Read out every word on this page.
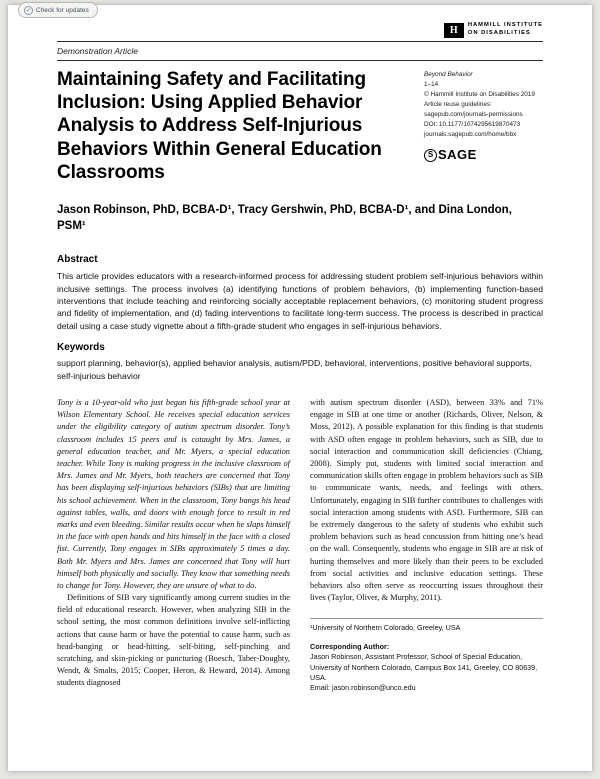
✓ Check for updates
H	HAMMILL INSTITUTE
ON DISABILITIES
Demonstration Article
Maintaining Safety and Facilitating Inclusion: Using Applied Behavior Analysis to Address Self-Injurious Behaviors Within General Education Classrooms
Beyond Behavior
1–14
© Hammill Institute on Disabilities 2019
Article reuse guidelines:
sagepub.com/journals-permissions
DOI: 10.1177/1074295619870473
journals.sagepub.com/home/bbx
S SAGE
Jason Robinson, PhD, BCBA-D¹, Tracy Gershwin, PhD, BCBA-D¹, and Dina London, PSM¹
Abstract

This article provides educators with a research-informed process for addressing student problem self-injurious behaviors within inclusive settings. The process involves (a) identifying functions of problem behaviors, (b) implementing function-based interventions that include teaching and reinforcing socially acceptable replacement behaviors, (c) monitoring student progress and fidelity of implementation, and (d) fading interventions to facilitate long-term success. The process is described in practical detail using a case study vignette about a fifth-grade student who engages in self-injurious behaviors.

Keywords

support planning, behavior(s), applied behavior analysis, autism/PDD, behavioral, interventions, positive behavioral supports, self-injurious behavior

Tony is a 10-year-old who just began his fifth-grade school year at Wilson Elementary School. He receives special education services under the eligibility category of autism spectrum disorder. Tony’s classroom includes 15 peers and is cotaught by Mrs. James, a general education teacher, and Mr. Myers, a special education teacher. While Tony is making progress in the inclusive classroom of Mrs. James and Mr. Myers, both teachers are concerned that Tony has been displaying self-injurious behaviors (SIBs) that are limiting his school achievement. When in the classroom, Tony bangs his head against tables, walls, and doors with enough force to result in red marks and even bleeding. Similar results occur when he slaps himself in the face with open hands and hits himself in the face with a closed fist. Currently, Tony engages in SIBs approximately 5 times a day. Both Mr. Myers and Mrs. James are concerned that Tony will hurt himself both physically and socially. They know that something needs to change for Tony. However, they are unsure of what to do.

Definitions of SIB vary significantly among current studies in the field of educational research. However, when analyzing SIB in the school setting, the most common definitions involve self-inflicting actions that cause harm or have the potential to cause harm, such as head-banging or head-hitting, self-biting, self-pinching and scratching, and skin-picking or puncturing (Boesch, Taber-Doughty, Wendt, & Smalts, 2015; Cooper, Heron, & Heward, 2014). Among students diagnosed

with autism spectrum disorder (ASD), between 33% and 71% engage in SIB at one time or another (Richards, Oliver, Nelson, & Moss, 2012). A possible explanation for this finding is that students with ASD often engage in problem behaviors, such as SIB, due to social interaction and communication skill deficiencies (Chiang, 2008). Simply put, students with limited social interaction and communication skills often engage in problem behaviors such as SIB to communicate wants, needs, and feelings with others. Unfortunately, engaging in SIB further contributes to challenges with social interaction among students with ASD. Furthermore, SIB can be extremely dangerous to the safety of students who exhibit such problem behaviors such as head concussion from hitting one’s head on the wall. Consequently, students who engage in SIB are at risk of hurting themselves and more likely than their peers to be excluded from social activities and inclusive education settings. These behaviors also often serve as reoccurring issues throughout their lives (Taylor, Oliver, & Murphy, 2011).

¹University of Northern Colorado, Greeley, USA
Corresponding Author:
Jason Robinson, Assistant Professor, School of Special Education, University of Northern Colorado, Campus Box 141, Greeley, CO 80639, USA.
Email: jason.robinson@unco.edu
